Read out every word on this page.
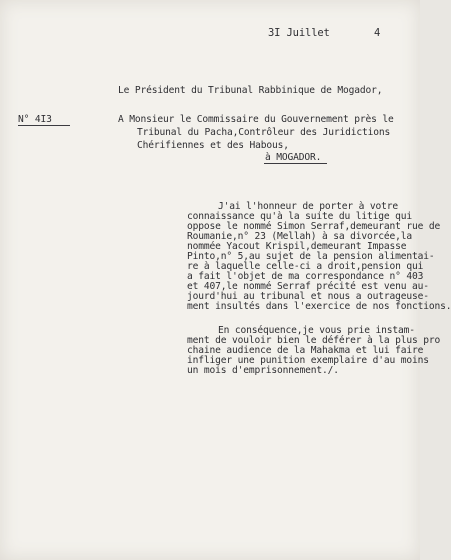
3I Juillet	4
Le Président du Tribunal Rabbinique de Mogador,
N° 4I3	A Monsieur le Commissaire du Gouvernement près le
Tribunal du Pacha,Contrôleur des Juridictions
Chérifiennes et des Habous,
à MOGADOR.
J'ai l'honneur de porter à votre
connaissance qu'à la suite du litige qui
oppose le nommé Simon Serraf,demeurant rue de
Roumanie,n° 23 (Mellah) à sa divorcée,la
nommée Yacout Krispil,demeurant Impasse
Pinto,n° 5,au sujet de la pension alimentai-
re à laquelle celle-ci a droit,pension qui
a fait l'objet de ma correspondance n° 403
et 407,le nommé Serraf précité est venu au-
jourd'hui au tribunal et nous a outrageuse-
ment insultés dans l'exercice de nos fonctions.
En conséquence,je vous prie instam-
ment de vouloir bien le déférer à la plus pro
chaine audience de la Mahakma et lui faire
infliger une punition exemplaire d'au moins
un mois d'emprisonnement./.
